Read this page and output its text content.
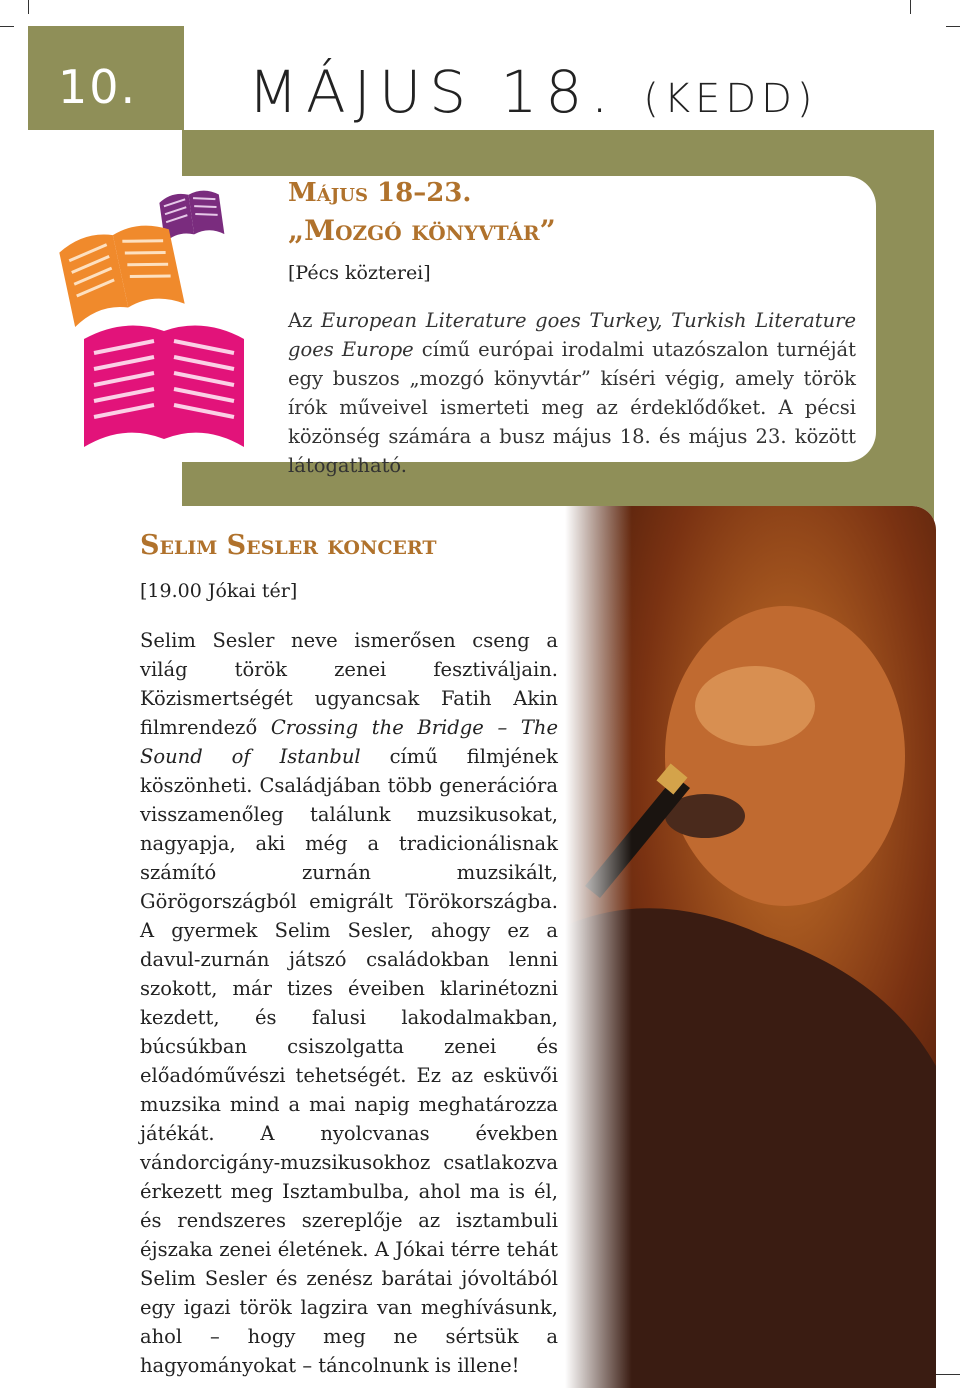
10. MÁJUS 18. (KEDD)
Május 18–23.
„Mozgó könyvtár”
[Pécs közterei]
Az European Literature goes Turkey, Turkish Literature goes Europe című európai irodalmi utazószalon turnéját egy buszos „mozgó könyvtár” kíséri végig, amely török írók műveivel ismerteti meg az érdeklődőket. A pécsi közönség számára a busz május 18. és május 23. között látogatható.
Selim Sesler koncert
[19.00 Jókai tér]
Selim Sesler neve ismerősen cseng a világ török zenei fesztiváljain. Közismertségét ugyancsak Fatih Akin filmrendező Crossing the Bridge – The Sound of Istanbul című filmjének köszönheti. Családjában több generációra visszamenőleg találunk muzsikusokat, nagyapja, aki még a tradicionálisnak számító zurnán muzsikált, Görögországból emigrált Törökországba. A gyermek Selim Sesler, ahogy ez a davul-zurnán játszó családokban lenni szokott, már tizes éveiben klarinétozni kezdett, és falusi lakodalmakban, búcsúkban csiszolgatta zenei és előadóművészi tehetségét. Ez az esküvői muzsika mind a mai napig meghatározza játékát. A nyolcvanas években vándorcigány-muzsikusokhoz csatlakozva érkezett meg Isztambulba, ahol ma is él, és rendszeres szereplője az isztambuli éjszaka zenei életének. A Jókai térre tehát Selim Sesler és zenész barátai jóvoltából egy igazi török lagzira van meghívásunk, ahol – hogy meg ne sértsük a hagyományokat – táncolnunk is illene!
